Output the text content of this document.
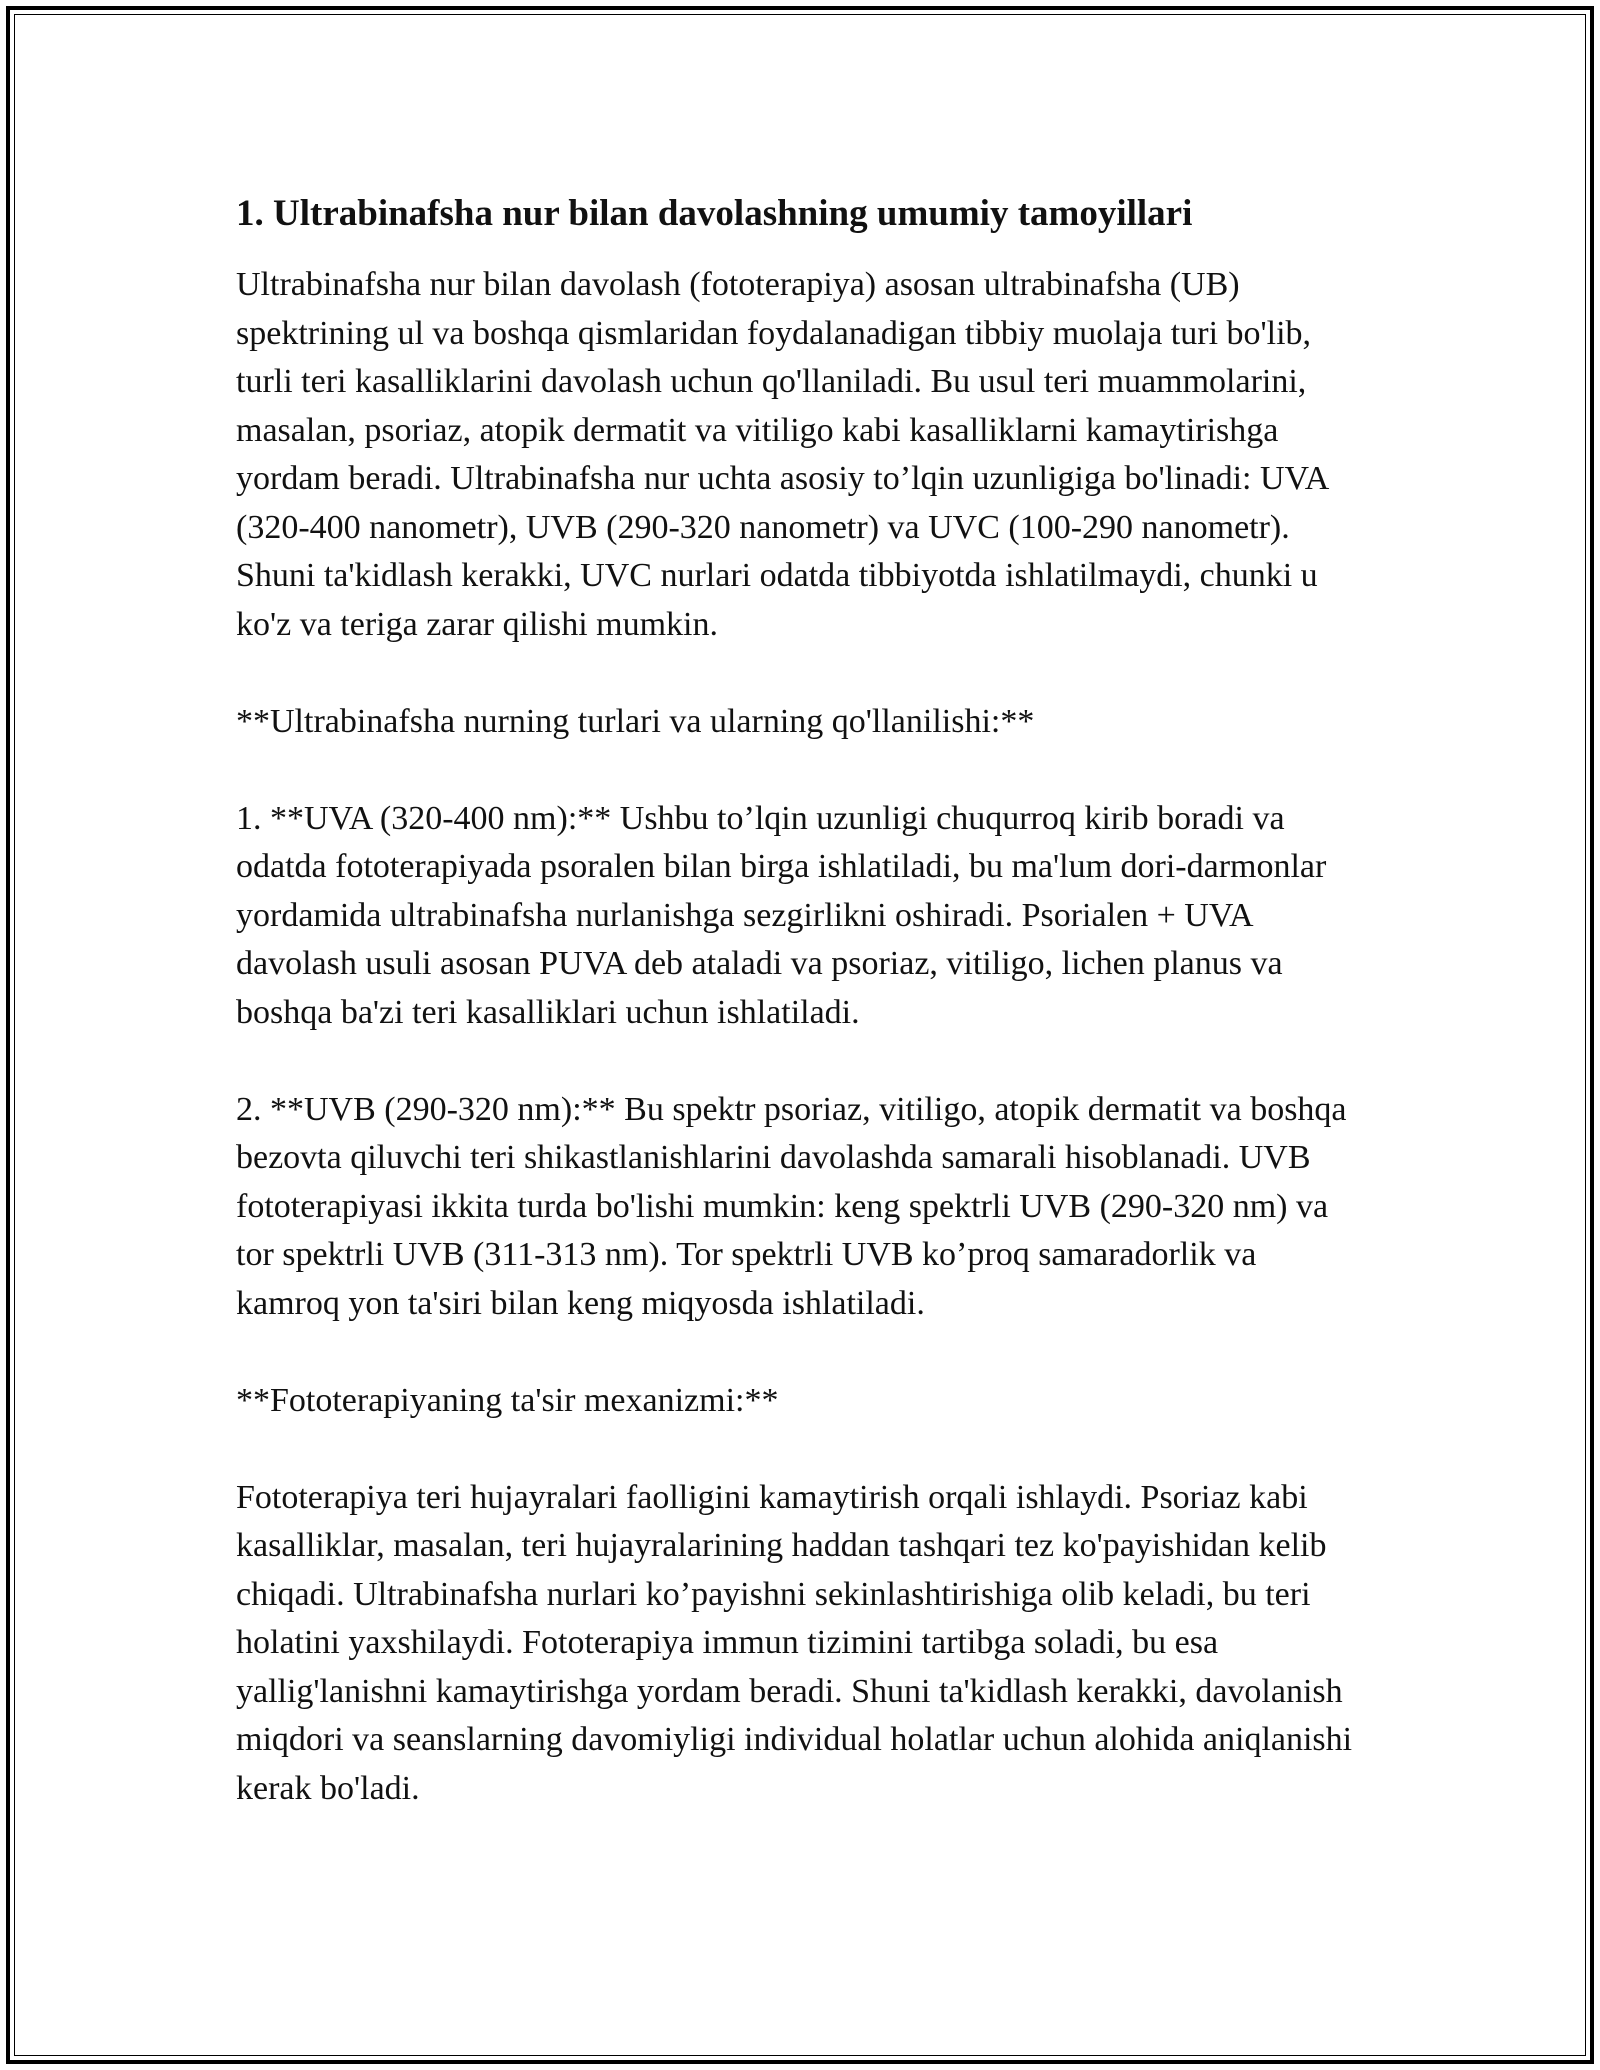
1. Ultrabinafsha nur bilan davolashning umumiy tamoyillari

Ultrabinafsha nur bilan davolash (fototerapiya) asosan ultrabinafsha (UB) spektrining ul va boshqa qismlaridan foydalanadigan tibbiy muolaja turi bo'lib, turli teri kasalliklarini davolash uchun qo'llaniladi. Bu usul teri muammolarini, masalan, psoriaz, atopik dermatit va vitiligo kabi kasalliklarni kamaytirishga yordam beradi. Ultrabinafsha nur uchta asosiy to’lqin uzunligiga bo'linadi: UVA (320-400 nanometr), UVB (290-320 nanometr) va UVC (100-290 nanometr). Shuni ta'kidlash kerakki, UVC nurlari odatda tibbiyotda ishlatilmaydi, chunki u ko'z va teriga zarar qilishi mumkin.

**Ultrabinafsha nurning turlari va ularning qo'llanilishi:**

1. **UVA (320-400 nm):** Ushbu to’lqin uzunligi chuqurroq kirib boradi va odatda fototerapiyada psoralen bilan birga ishlatiladi, bu ma'lum dori-darmonlar yordamida ultrabinafsha nurlanishga sezgirlikni oshiradi. Psorialen + UVA davolash usuli asosan PUVA deb ataladi va psoriaz, vitiligo, lichen planus va boshqa ba'zi teri kasalliklari uchun ishlatiladi.

2. **UVB (290-320 nm):** Bu spektr psoriaz, vitiligo, atopik dermatit va boshqa bezovta qiluvchi teri shikastlanishlarini davolashda samarali hisoblanadi. UVB fototerapiyasi ikkita turda bo'lishi mumkin: keng spektrli UVB (290-320 nm) va tor spektrli UVB (311-313 nm). Tor spektrli UVB ko’proq samaradorlik va kamroq yon ta'siri bilan keng miqyosda ishlatiladi.

**Fototerapiyaning ta'sir mexanizmi:**

Fototerapiya teri hujayralari faolligini kamaytirish orqali ishlaydi. Psoriaz kabi kasalliklar, masalan, teri hujayralarining haddan tashqari tez ko'payishidan kelib chiqadi. Ultrabinafsha nurlari ko’payishni sekinlashtirishiga olib keladi, bu teri holatini yaxshilaydi. Fototerapiya immun tizimini tartibga soladi, bu esa yallig'lanishni kamaytirishga yordam beradi. Shuni ta'kidlash kerakki, davolanish miqdori va seanslarning davomiyligi individual holatlar uchun alohida aniqlanishi kerak bo'ladi.
